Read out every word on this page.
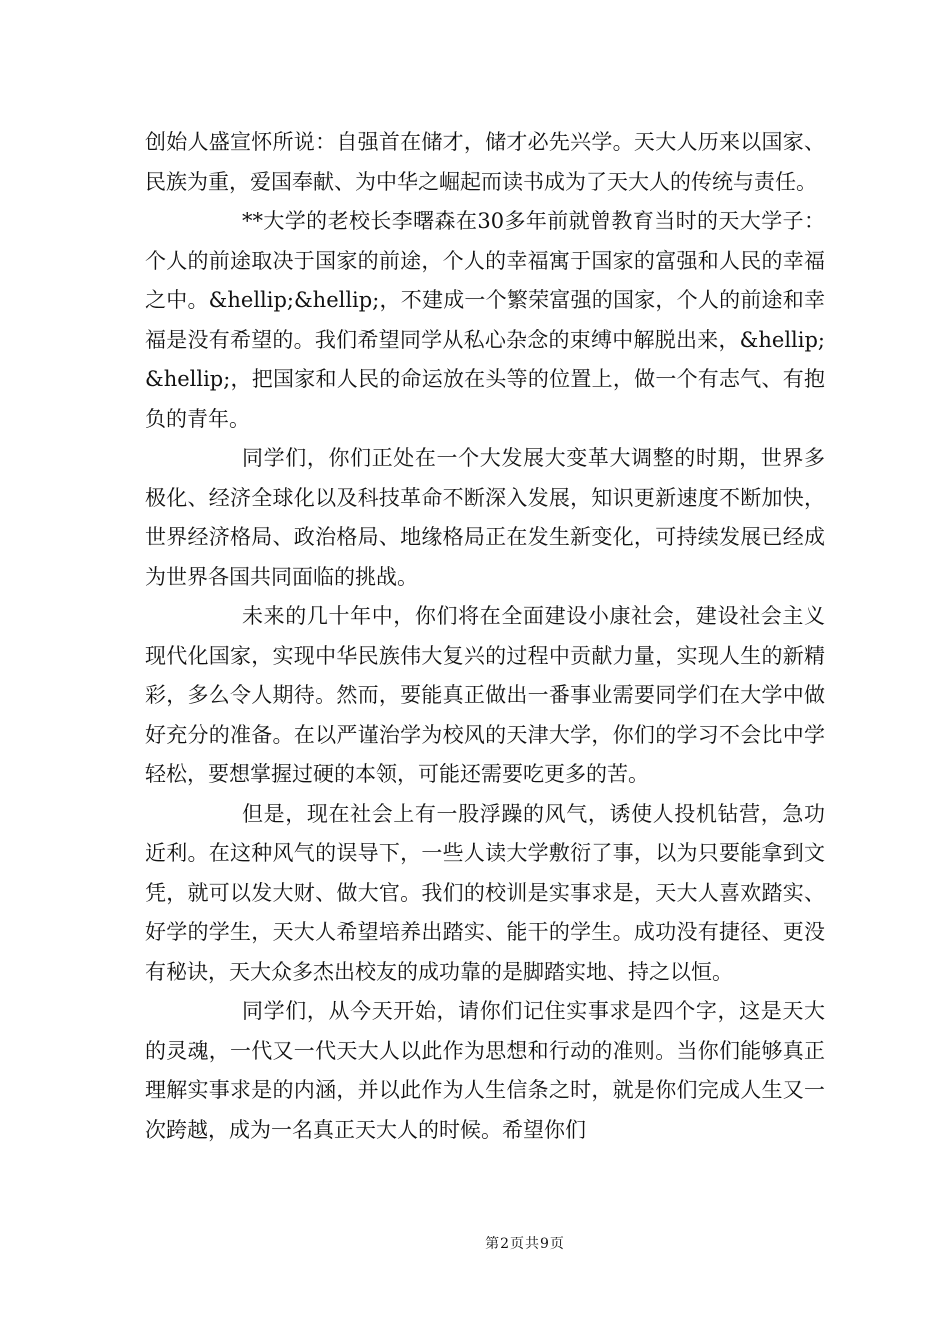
创始人盛宣怀所说：自强首在储才，储才必先兴学。天大人历来以国家、民族为重，爱国奉献、为中华之崛起而读书成为了天大人的传统与责任。

**大学的老校长李曙森在30多年前就曾教育当时的天大学子：个人的前途取决于国家的前途，个人的幸福寓于国家的富强和人民的幸福之中。&hellip;&hellip;，不建成一个繁荣富强的国家，个人的前途和幸福是没有希望的。我们希望同学从私心杂念的束缚中解脱出来，&hellip;&hellip;，把国家和人民的命运放在头等的位置上，做一个有志气、有抱负的青年。

同学们，你们正处在一个大发展大变革大调整的时期，世界多极化、经济全球化以及科技革命不断深入发展，知识更新速度不断加快，世界经济格局、政治格局、地缘格局正在发生新变化，可持续发展已经成为世界各国共同面临的挑战。

未来的几十年中，你们将在全面建设小康社会，建设社会主义现代化国家，实现中华民族伟大复兴的过程中贡献力量，实现人生的新精彩，多么令人期待。然而，要能真正做出一番事业需要同学们在大学中做好充分的准备。在以严谨治学为校风的天津大学，你们的学习不会比中学轻松，要想掌握过硬的本领，可能还需要吃更多的苦。

但是，现在社会上有一股浮躁的风气，诱使人投机钻营，急功近利。在这种风气的误导下，一些人读大学敷衍了事，以为只要能拿到文凭，就可以发大财、做大官。我们的校训是实事求是，天大人喜欢踏实、好学的学生，天大人希望培养出踏实、能干的学生。成功没有捷径、更没有秘诀，天大众多杰出校友的成功靠的是脚踏实地、持之以恒。

同学们，从今天开始，请你们记住实事求是四个字，这是天大的灵魂，一代又一代天大人以此作为思想和行动的准则。当你们能够真正理解实事求是的内涵，并以此作为人生信条之时，就是你们完成人生又一次跨越，成为一名真正天大人的时候。希望你们

第2页共9页
